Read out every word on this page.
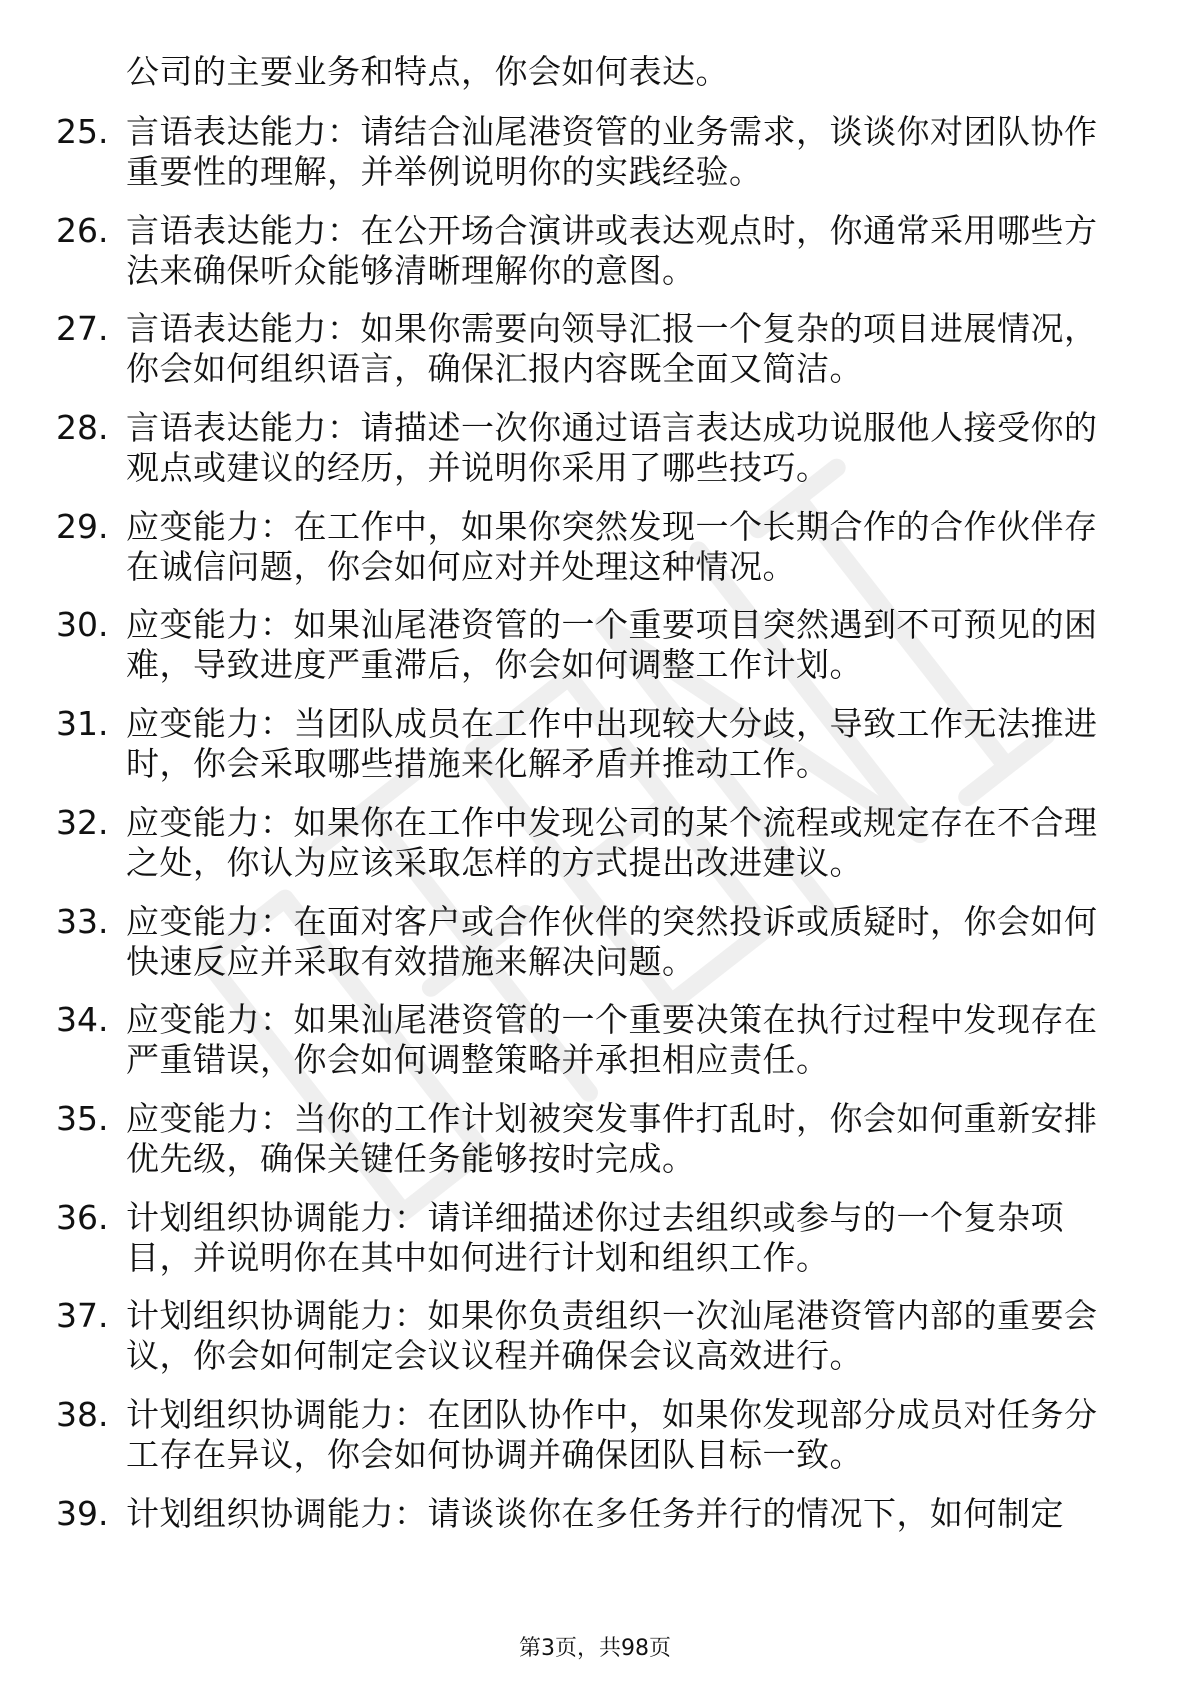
公司的主要业务和特点，你会如何表达。
25. 言语表达能力：请结合汕尾港资管的业务需求，谈谈你对团队协作重要性的理解，并举例说明你的实践经验。
26. 言语表达能力：在公开场合演讲或表达观点时，你通常采用哪些方法来确保听众能够清晰理解你的意图。
27. 言语表达能力：如果你需要向领导汇报一个复杂的项目进展情况，你会如何组织语言，确保汇报内容既全面又简洁。
28. 言语表达能力：请描述一次你通过语言表达成功说服他人接受你的观点或建议的经历，并说明你采用了哪些技巧。
29. 应变能力：在工作中，如果你突然发现一个长期合作的合作伙伴存在诚信问题，你会如何应对并处理这种情况。
30. 应变能力：如果汕尾港资管的一个重要项目突然遇到不可预见的困难，导致进度严重滞后，你会如何调整工作计划。
31. 应变能力：当团队成员在工作中出现较大分歧，导致工作无法推进时，你会采取哪些措施来化解矛盾并推动工作。
32. 应变能力：如果你在工作中发现公司的某个流程或规定存在不合理之处，你认为应该采取怎样的方式提出改进建议。
33. 应变能力：在面对客户或合作伙伴的突然投诉或质疑时，你会如何快速反应并采取有效措施来解决问题。
34. 应变能力：如果汕尾港资管的一个重要决策在执行过程中发现存在严重错误，你会如何调整策略并承担相应责任。
35. 应变能力：当你的工作计划被突发事件打乱时，你会如何重新安排优先级，确保关键任务能够按时完成。
36. 计划组织协调能力：请详细描述你过去组织或参与的一个复杂项目，并说明你在其中如何进行计划和组织工作。
37. 计划组织协调能力：如果你负责组织一次汕尾港资管内部的重要会议，你会如何制定会议议程并确保会议高效进行。
38. 计划组织协调能力：在团队协作中，如果你发现部分成员对任务分工存在异议，你会如何协调并确保团队目标一致。
39. 计划组织协调能力：请谈谈你在多任务并行的情况下，如何制定
第3页，共98页
